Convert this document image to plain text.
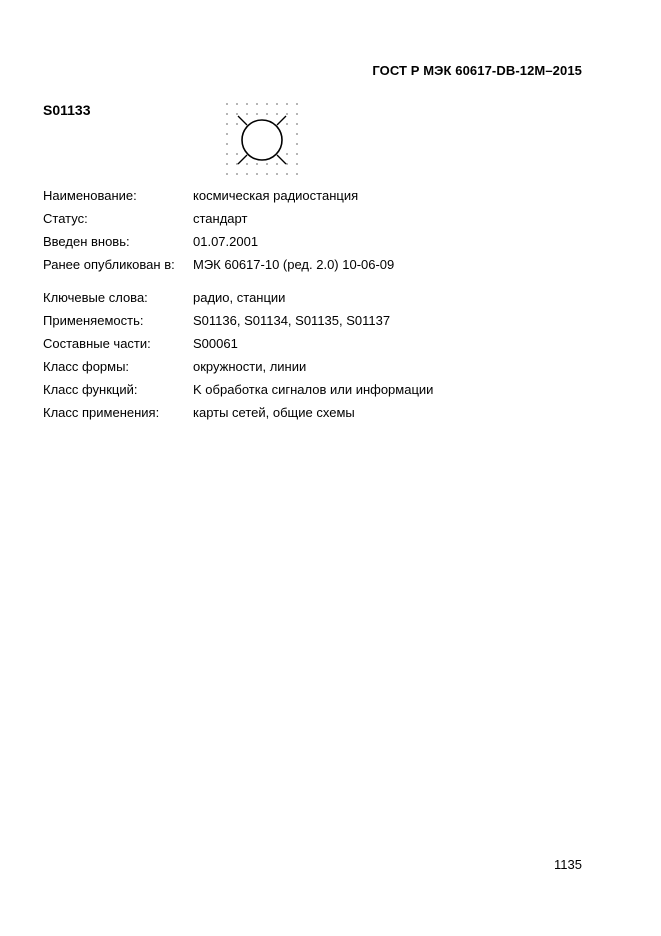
ГОСТ Р МЭК 60617-DB-12M–2015
S01133
Наименование:	космическая радиостанция
Статус:	стандарт
Введен вновь:	01.07.2001
Ранее опубликован в:	МЭК 60617-10 (ред. 2.0) 10-06-09
Ключевые слова:	радио, станции
Применяемость:	S01136, S01134, S01135, S01137
Составные части:	S00061
Класс формы:	окружности, линии
Класс функций:	K обработка сигналов или информации
Класс применения:	карты сетей, общие схемы
1135
